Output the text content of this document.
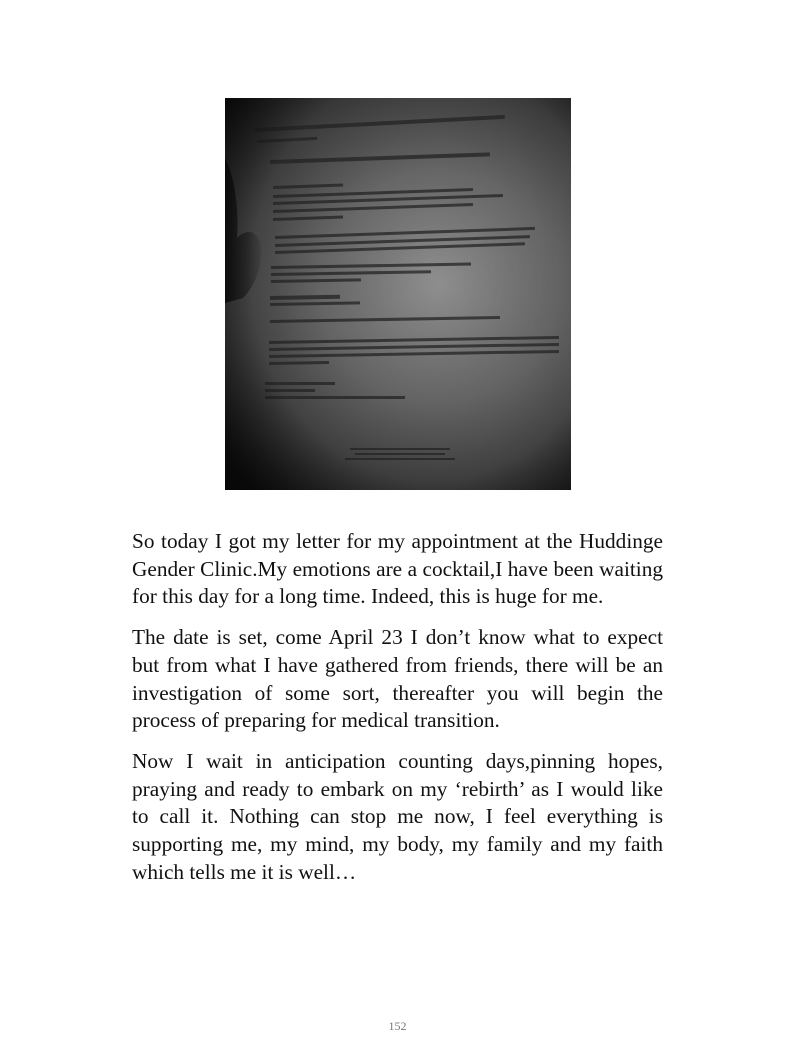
So today I got my letter for my appointment at the Huddinge Gender Clinic.My emotions are a cocktail,I have been waiting for this day for a long time. Indeed, this is huge for me.

The date is set, come April 23 I don’t know what to expect but from what I have gathered from friends, there will be an investigation of some sort, thereafter you will begin the process of preparing for medical transition.

Now I wait in anticipation counting days,pinning hopes, praying and ready to embark on my ‘rebirth’ as I would like to call it. Nothing can stop me now, I feel everything is supporting me, my mind, my body, my family and my faith which tells me it is well…

152
